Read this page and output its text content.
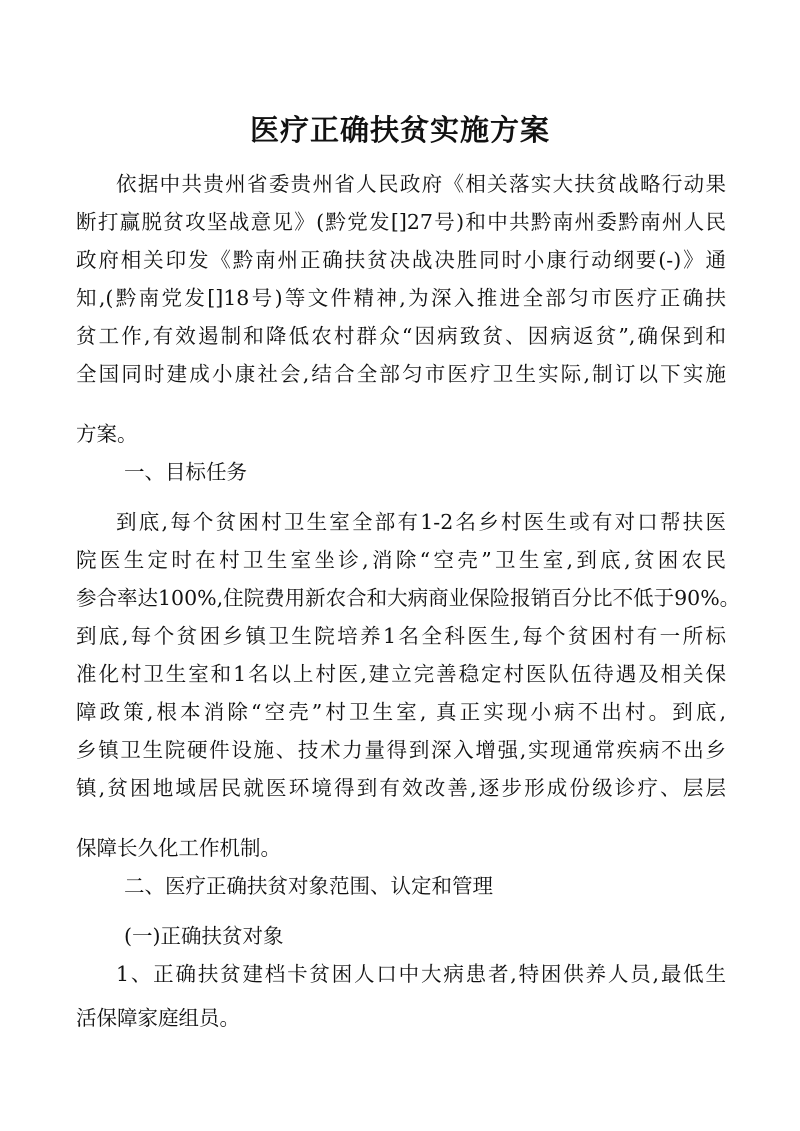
医疗正确扶贫实施方案
依据中共贵州省委贵州省人民政府《相关落实大扶贫战略行动果
断打赢脱贫攻坚战意见》(黔党发[]27号)和中共黔南州委黔南州人民
政府相关印发《黔南州正确扶贫决战决胜同时小康行动纲要(-)》通
知,(黔南党发[]18号)等文件精神,为深入推进全部匀市医疗正确扶
贫工作,有效遏制和降低农村群众“因病致贫、因病返贫”,确保到和
全国同时建成小康社会,结合全部匀市医疗卫生实际,制订以下实施
方案。
一、目标任务
到底,每个贫困村卫生室全部有1-2名乡村医生或有对口帮扶医
院医生定时在村卫生室坐诊,消除“空壳”卫生室,到底,贫困农民
参合率达100%,住院费用新农合和大病商业保险报销百分比不低于90%。
到底,每个贫困乡镇卫生院培养1名全科医生,每个贫困村有一所标
准化村卫生室和1名以上村医,建立完善稳定村医队伍待遇及相关保
障政策,根本消除“空壳”村卫生室, 真正实现小病不出村。到底,
乡镇卫生院硬件设施、技术力量得到深入增强,实现通常疾病不出乡
镇,贫困地域居民就医环境得到有效改善,逐步形成份级诊疗、层层
保障长久化工作机制。
二、医疗正确扶贫对象范围、认定和管理
(一)正确扶贫对象
1、正确扶贫建档卡贫困人口中大病患者,特困供养人员,最低生
活保障家庭组员。
